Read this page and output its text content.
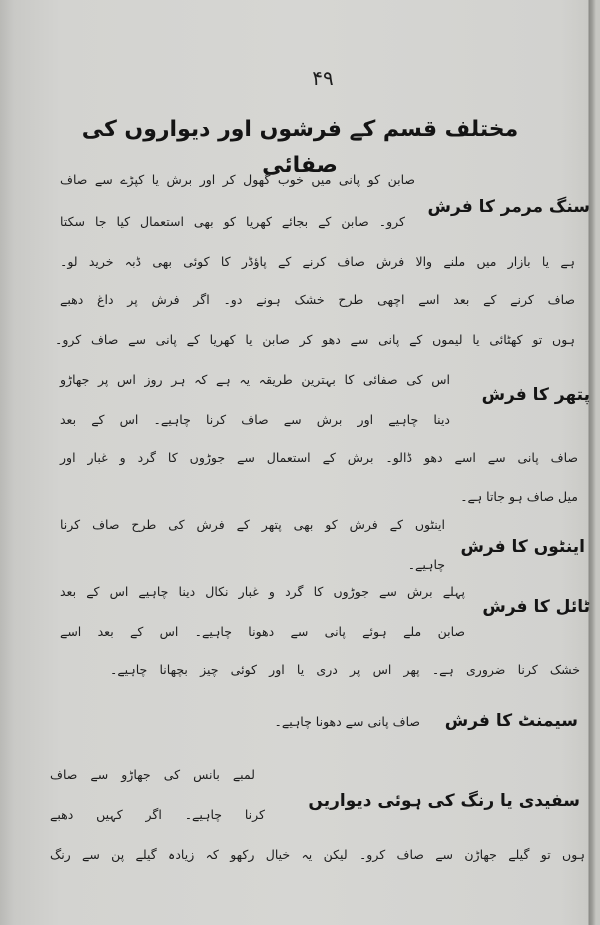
۴۹
مختلف قسم کے فرشوں اور دیواروں کی صفائی
سنگ مرمر کا فرش
صابن کو پانی میں خوب گھول کر اور برش یا کپڑے سے صاف
کرو۔ صابن کے بجائے کھریا کو بھی استعمال کیا جا سکتا
ہے یا بازار میں ملنے والا فرش صاف کرنے کے پاؤڈر کا کوئی بھی ڈبہ خرید لو۔
صاف کرنے کے بعد اسے اچھی طرح خشک ہونے دو۔ اگر فرش پر داغ دھبے
ہوں تو کھٹائی یا لیموں کے پانی سے دھو کر صابن یا کھریا کے پانی سے صاف کرو۔
پتھر کا فرش
اس کی صفائی کا بہترین طریقہ یہ ہے کہ ہر روز اس پر جھاڑو
دینا چاہیے اور برش سے صاف کرنا چاہیے۔ اس کے بعد
صاف پانی سے اسے دھو ڈالو۔ برش کے استعمال سے جوڑوں کا گرد و غبار اور
میل صاف ہو جاتا ہے۔
اینٹوں کا فرش
اینٹوں کے فرش کو بھی پتھر کے فرش کی طرح صاف کرنا
چاہیے۔
ٹائل کا فرش
پہلے برش سے جوڑوں کا گرد و غبار نکال دینا چاہیے اس کے بعد
صابن ملے ہوئے پانی سے دھونا چاہیے۔ اس کے بعد اسے
خشک کرنا ضروری ہے۔ پھر اس پر دری یا اور کوئی چیز بچھانا چاہیے۔
سیمنٹ کا فرش
صاف پانی سے دھونا چاہیے۔
سفیدی یا رنگ کی ہوئی دیواریں
لمبے بانس کی جھاڑو سے صاف
کرنا چاہیے۔ اگر کہیں دھبے
ہوں تو گیلے جھاڑن سے صاف کرو۔ لیکن یہ خیال رکھو کہ زیادہ گیلے پن سے رنگ
